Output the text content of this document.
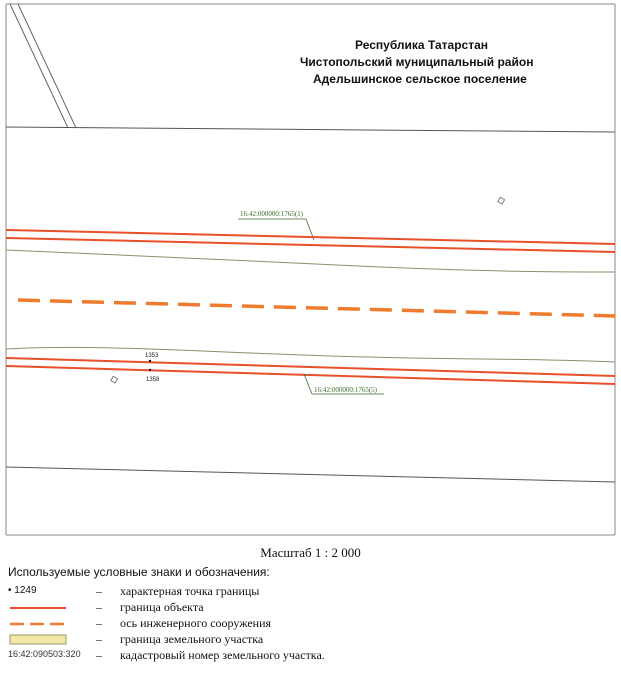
16:42:000000:1765(1)
1353
1358
16:42:000000:1765(5)
Республика Татарстан
Чистопольский муниципальный район
Адельшинское сельское поселение
Масштаб 1 : 2 000
Используемые условные знаки и обозначения:
• 1249	– характерная точка границы
– граница объекта
– ось инженерного сооружения
– граница земельного участка
16:42:090503:320 – кадастровый номер земельного участка.
